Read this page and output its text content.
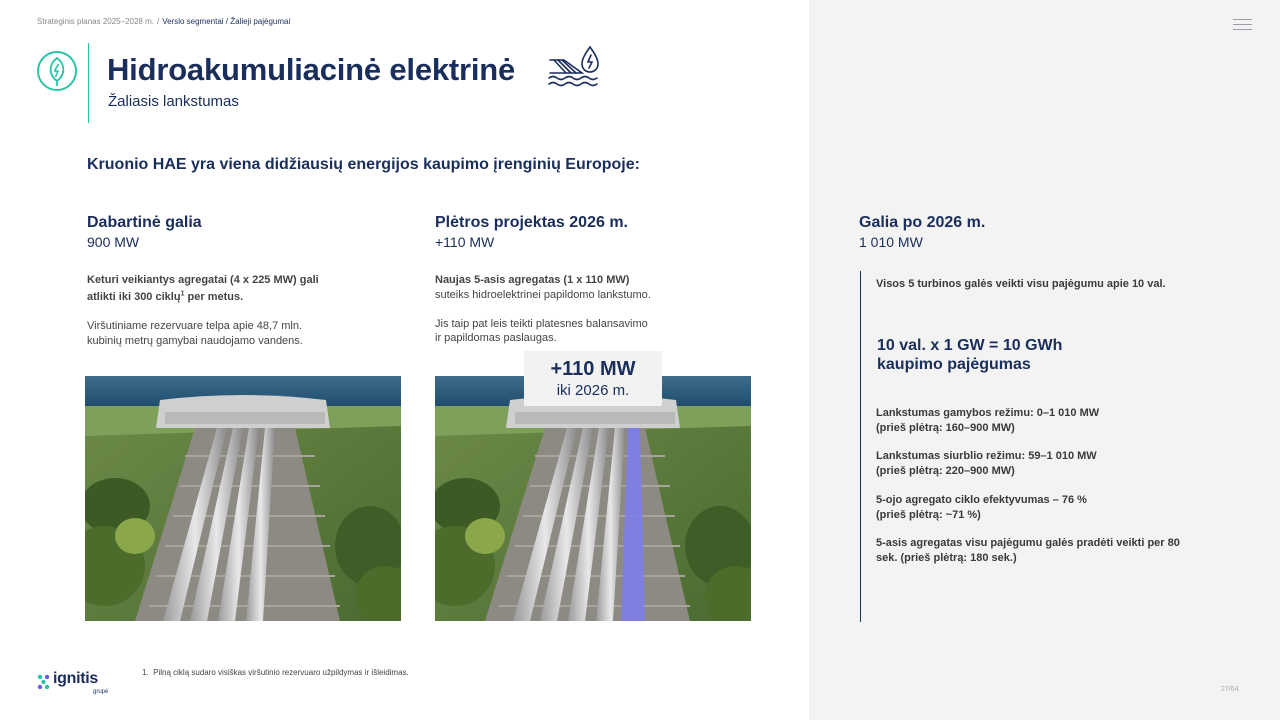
Strateginis planas 2025–2028 m. / Verslo segmentai / Žalieji pajėgumai
Hidroakumuliacinė elektrinė
Žaliasis lankstumas
Kruonio HAE yra viena didžiausių energijos kaupimo įrenginių Europoje:
Dabartinė galia
900 MW
Keturi veikiantys agregatai (4 x 225 MW) gali
atlikti iki 300 ciklų$^1$ per metus.

Viršutiniame rezervuare telpa apie 48,7 mln.
kubinių metrų gamybai naudojamo vandens.
Plėtros projektas 2026 m.
+110 MW
Naujas 5-asis agregatas (1 x 110 MW)
suteiks hidroelektrinei papildomo lankstumo.

Jis taip pat leis teikti platesnes balansavimo
ir papildomas paslaugas.
+110 MW
iki 2026 m.
Galia po 2026 m.
1 010 MW
Visos 5 turbinos galės veikti visu pajėgumu apie 10 val.
10 val. x 1 GW = 10 GWh
kaupimo pajėgumas
Lankstumas gamybos režimu: 0–1 010 MW
(prieš plėtrą: 160–900 MW)
Lankstumas siurblio režimu: 59–1 010 MW
(prieš plėtrą: 220–900 MW)
5-ojo agregato ciklo efektyvumas – 76 %
(prieš plėtrą: ~71 %)
5-asis agregatas visu pajėgumu galės pradėti veikti per 80
sek. (prieš plėtrą: 180 sek.)
ignitis
grupė
1. Pilną ciklą sudaro visiškas viršutinio rezervuaro užpildymas ir išleidimas.
27/64
